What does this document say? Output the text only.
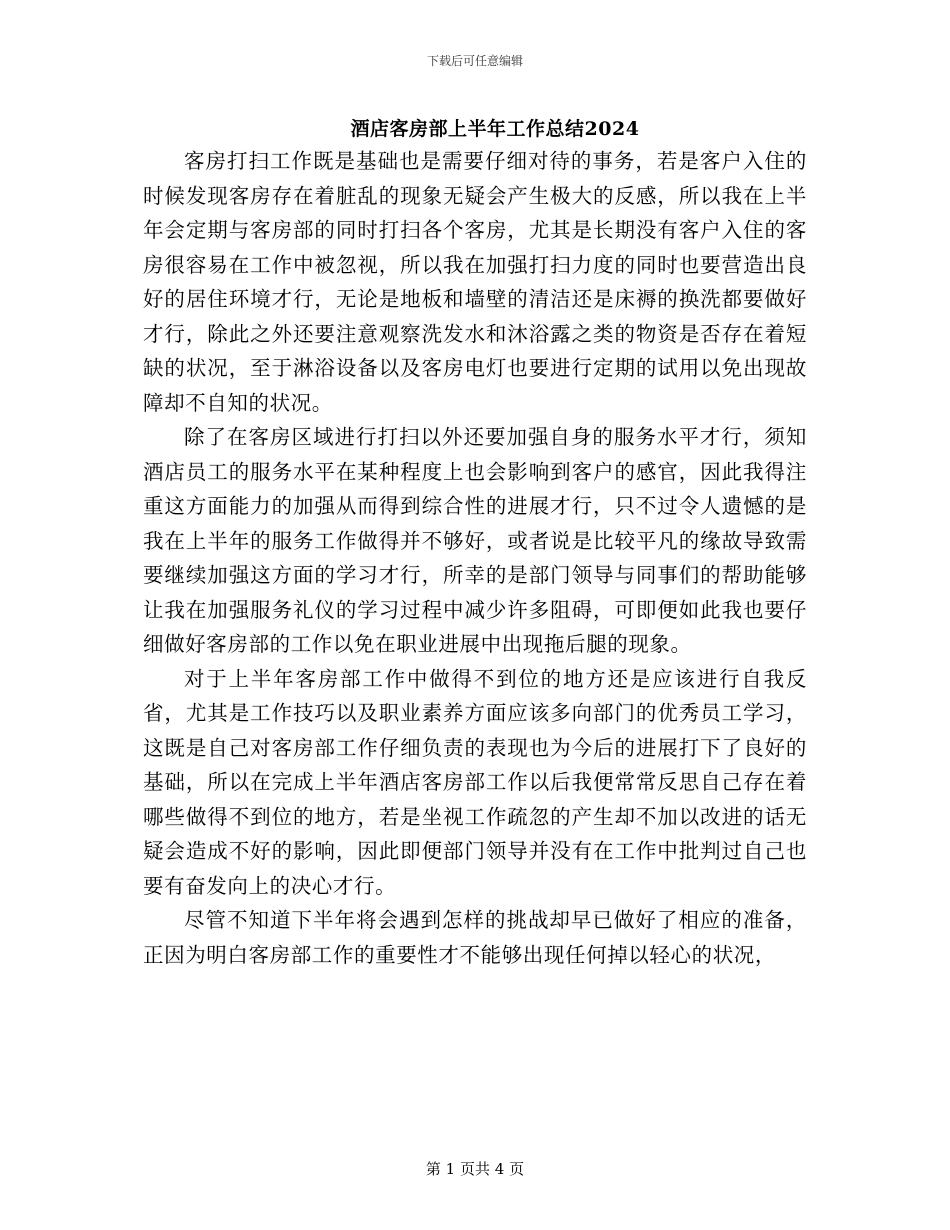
下载后可任意编辑
酒店客房部上半年工作总结2024

客房打扫工作既是基础也是需要仔细对待的事务，若是客户入住的时候发现客房存在着脏乱的现象无疑会产生极大的反感，所以我在上半年会定期与客房部的同时打扫各个客房，尤其是长期没有客户入住的客房很容易在工作中被忽视，所以我在加强打扫力度的同时也要营造出良好的居住环境才行，无论是地板和墙壁的清洁还是床褥的换洗都要做好才行，除此之外还要注意观察洗发水和沐浴露之类的物资是否存在着短缺的状况，至于淋浴设备以及客房电灯也要进行定期的试用以免出现故障却不自知的状况。

除了在客房区域进行打扫以外还要加强自身的服务水平才行，须知酒店员工的服务水平在某种程度上也会影响到客户的感官，因此我得注重这方面能力的加强从而得到综合性的进展才行，只不过令人遗憾的是我在上半年的服务工作做得并不够好，或者说是比较平凡的缘故导致需要继续加强这方面的学习才行，所幸的是部门领导与同事们的帮助能够让我在加强服务礼仪的学习过程中减少许多阻碍，可即便如此我也要仔细做好客房部的工作以免在职业进展中出现拖后腿的现象。

对于上半年客房部工作中做得不到位的地方还是应该进行自我反省，尤其是工作技巧以及职业素养方面应该多向部门的优秀员工学习，这既是自己对客房部工作仔细负责的表现也为今后的进展打下了良好的基础，所以在完成上半年酒店客房部工作以后我便常常反思自己存在着哪些做得不到位的地方，若是坐视工作疏忽的产生却不加以改进的话无疑会造成不好的影响，因此即便部门领导并没有在工作中批判过自己也要有奋发向上的决心才行。

尽管不知道下半年将会遇到怎样的挑战却早已做好了相应的准备，正因为明白客房部工作的重要性才不能够出现任何掉以轻心的状况，

第 1 页共 4 页
